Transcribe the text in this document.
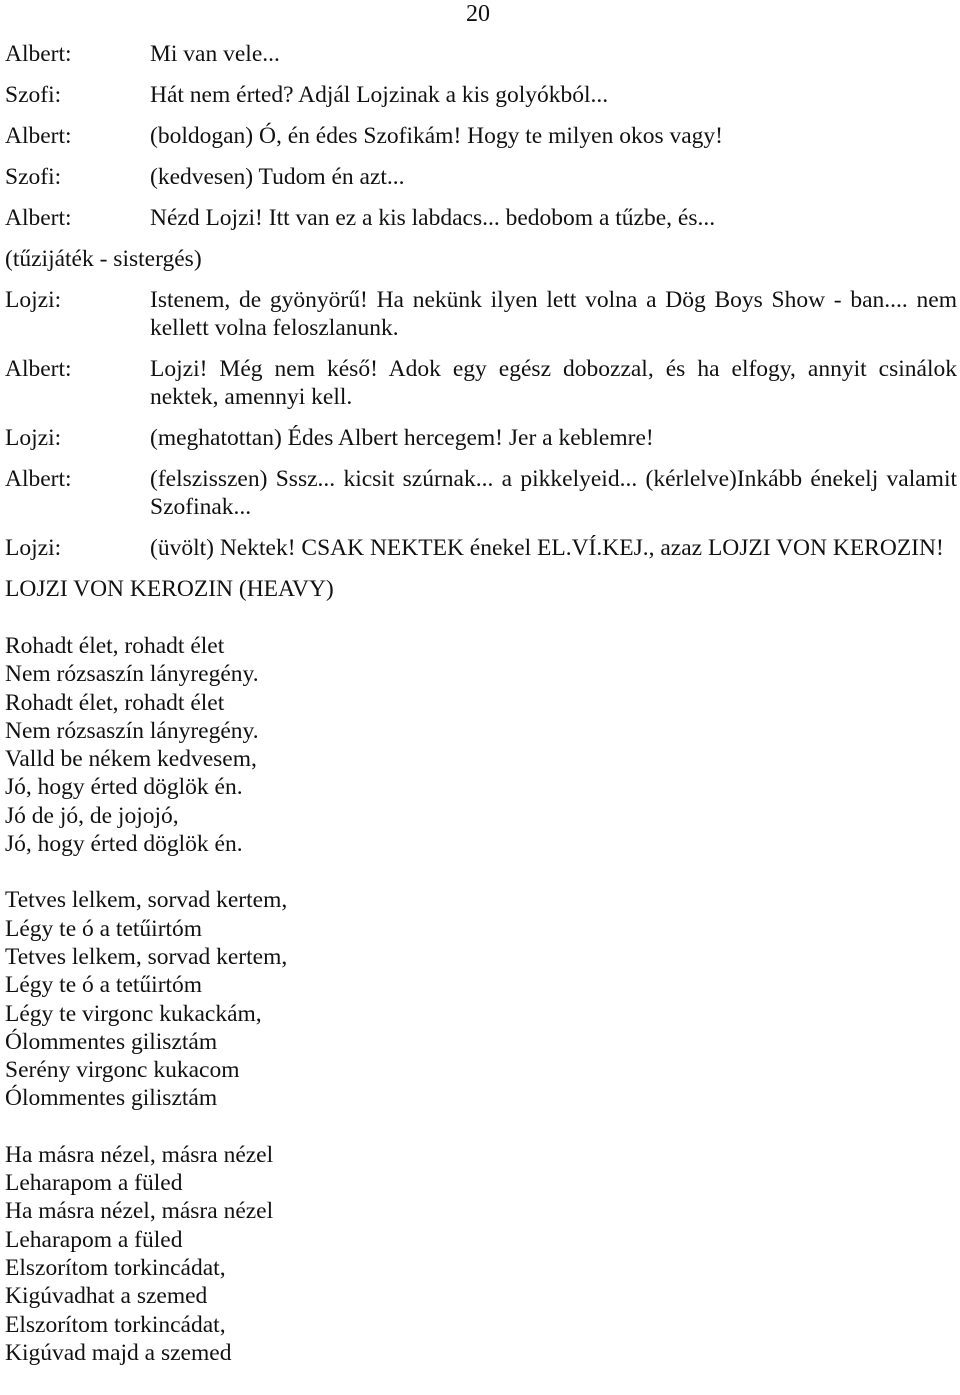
20
Albert:	Mi van vele...
Szofi:	Hát nem érted? Adjál Lojzinak a kis golyókból...
Albert:	(boldogan) Ó, én édes Szofikám! Hogy te milyen okos vagy!
Szofi:	(kedvesen) Tudom én azt...
Albert:	Nézd Lojzi! Itt van ez a kis labdacs... bedobom a tűzbe, és...
(tűzijáték - sistergés)
Lojzi:	Istenem, de gyönyörű! Ha nekünk ilyen lett volna a Dög Boys Show - ban.... nem kellett volna feloszlanunk.
Albert:	Lojzi! Még nem késő! Adok egy egész dobozzal, és ha elfogy, annyit csinálok nektek, amennyi kell.
Lojzi:	(meghatottan) Édes Albert hercegem! Jer a keblemre!
Albert:	(felszisszen) Sssz... kicsit szúrnak... a pikkelyeid... (kérlelve)Inkább énekelj valamit Szofinak...
Lojzi:	(üvölt) Nektek! CSAK NEKTEK énekel EL.VÍ.KEJ., azaz LOJZI VON KEROZIN!
LOJZI VON KEROZIN (HEAVY)
Rohadt élet, rohadt élet
Nem rózsaszín lányregény.
Rohadt élet, rohadt élet
Nem rózsaszín lányregény.
Valld be nékem kedvesem,
Jó, hogy érted döglök én.
Jó de jó, de jojojó,
Jó, hogy érted döglök én.
Tetves lelkem, sorvad kertem,
Légy te ó a tetűirtóm
Tetves lelkem, sorvad kertem,
Légy te ó a tetűirtóm
Légy te virgonc kukackám,
Ólommentes gilisztám
Serény virgonc kukacom
Ólommentes gilisztám
Ha másra nézel, másra nézel
Leharapom a füled
Ha másra nézel, másra nézel
Leharapom a füled
Elszorítom torkincádat,
Kigúvadhat a szemed
Elszorítom torkincádat,
Kigúvad majd a szemed
